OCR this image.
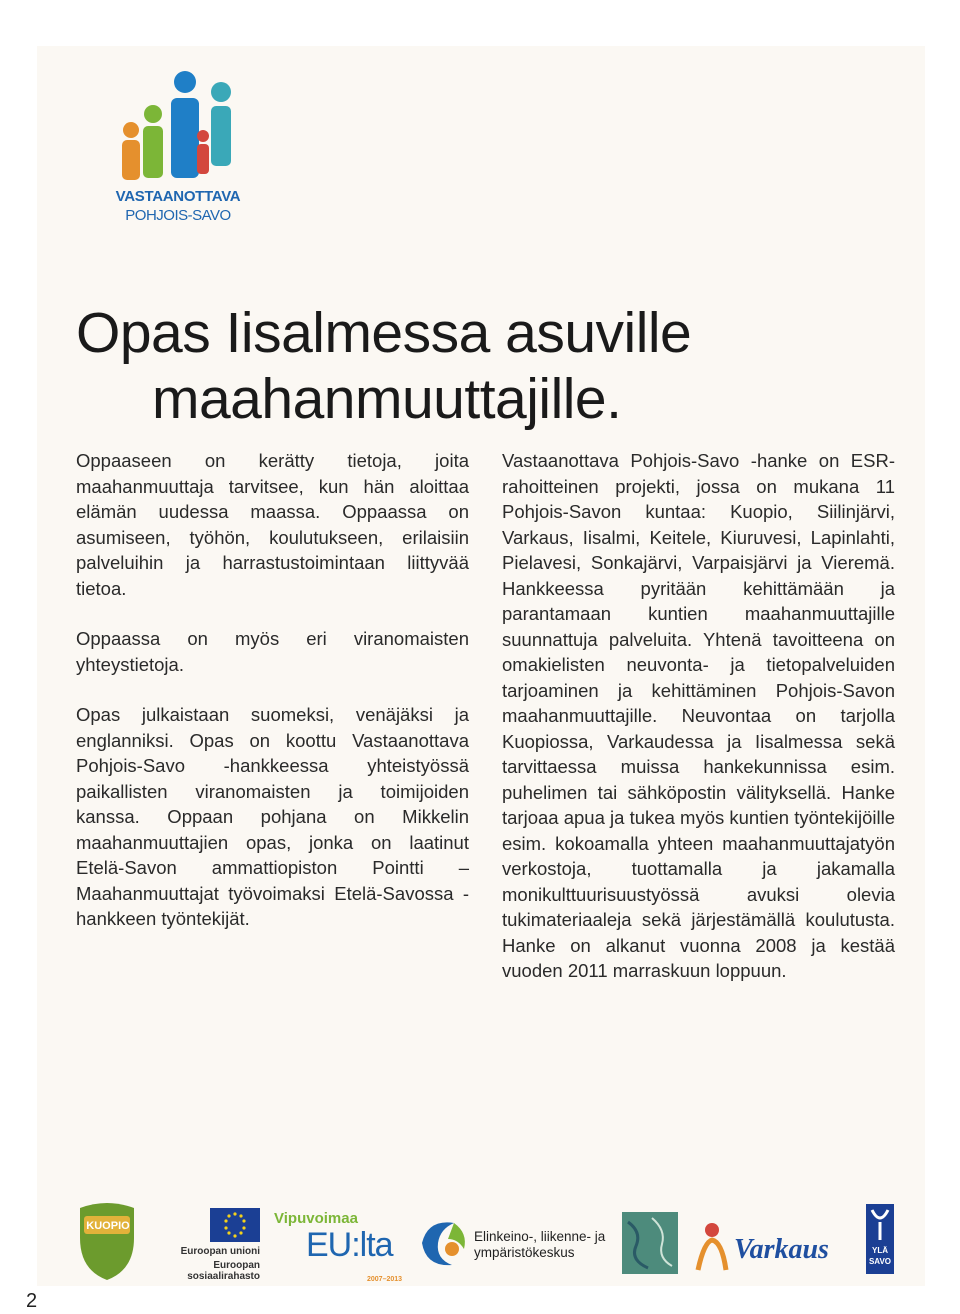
VASTAANOTTAVA
POHJOIS-SAVO
Opas Iisalmessa asuville
maahanmuuttajille.

Oppaaseen on kerätty tietoja, joita maahanmuuttaja tarvitsee, kun hän aloittaa elämän uudessa maassa. Oppaassa on asumiseen, työhön, koulutukseen, erilaisiin palveluihin ja harrastustoimintaan liittyvää tietoa.

Oppaassa on myös eri viranomaisten yhteystietoja.

Opas julkaistaan suomeksi, venäjäksi ja englanniksi. Opas on koottu Vastaanottava Pohjois-Savo -hankkeessa yhteistyössä paikallisten viranomaisten ja toimijoiden kanssa. Oppaan pohjana on Mikkelin maahanmuuttajien opas, jonka on laatinut Etelä-Savon ammattiopiston Pointti – Maahanmuuttajat työvoimaksi Etelä-Savossa -hankkeen työntekijät.

Vastaanottava Pohjois-Savo -hanke on ESR-rahoitteinen projekti, jossa on mukana 11 Pohjois-Savon kuntaa: Kuopio, Siilinjärvi, Varkaus, Iisalmi, Keitele, Kiuruvesi, Lapinlahti, Pielavesi, Sonkajärvi, Varpaisjärvi ja Vieremä. Hankkeessa pyritään kehittämään ja parantamaan kuntien maahanmuuttajille suunnattuja palveluita. Yhtenä tavoitteena on omakielisten neuvonta- ja tietopalveluiden tarjoaminen ja kehittäminen Pohjois-Savon maahanmuuttajille. Neuvontaa on tarjolla Kuopiossa, Varkaudessa ja Iisalmessa sekä tarvittaessa muissa hankekunnissa esim. puhelimen tai sähköpostin välityksellä. Hanke tarjoaa apua ja tukea myös kuntien työntekijöille esim. kokoamalla yhteen maahanmuuttajatyön verkostoja, tuottamalla ja jakamalla monikulttuurisuustyössä avuksi olevia tukimateriaaleja sekä järjestämällä koulutusta. Hanke on alkanut vuonna 2008 ja kestää vuoden 2011 marraskuun loppuun.

KUOPIO
Euroopan unioni
Euroopan sosiaalirahasto
Vipuvoimaa
EU:lta
2007–2013
Elinkeino-, liikenne- ja
ympäristökeskus	Varkaus	YLÄ
SAVO
2
